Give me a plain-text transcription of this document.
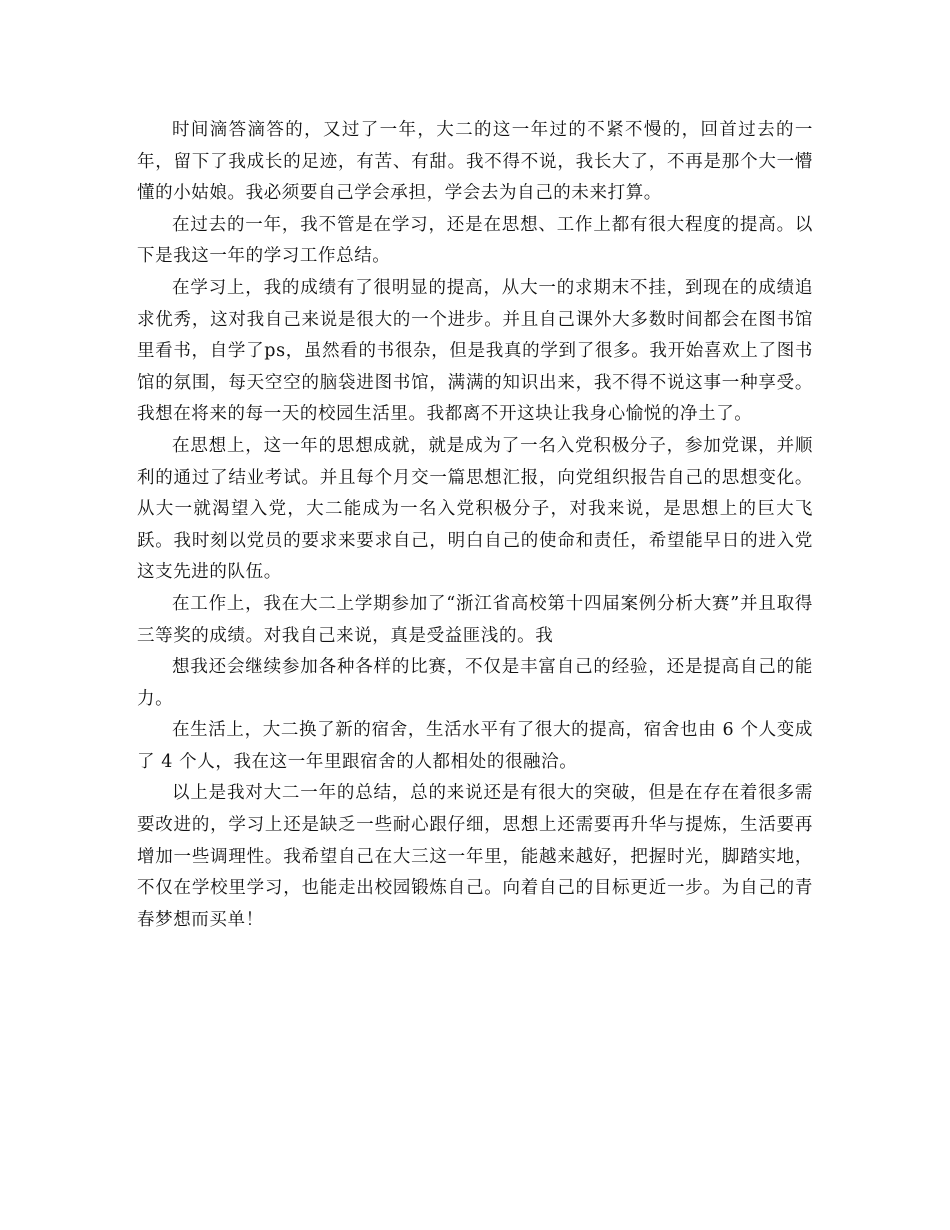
时间滴答滴答的，又过了一年，大二的这一年过的不紧不慢的，回首过去的一年，留下了我成长的足迹，有苦、有甜。我不得不说，我长大了，不再是那个大一懵懂的小姑娘。我必须要自己学会承担，学会去为自己的未来打算。

在过去的一年，我不管是在学习，还是在思想、工作上都有很大程度的提高。以下是我这一年的学习工作总结。

在学习上，我的成绩有了很明显的提高，从大一的求期末不挂，到现在的成绩追求优秀，这对我自己来说是很大的一个进步。并且自己课外大多数时间都会在图书馆里看书，自学了ps，虽然看的书很杂，但是我真的学到了很多。我开始喜欢上了图书馆的氛围，每天空空的脑袋进图书馆，满满的知识出来，我不得不说这事一种享受。我想在将来的每一天的校园生活里。我都离不开这块让我身心愉悦的净土了。

在思想上，这一年的思想成就，就是成为了一名入党积极分子，参加党课，并顺利的通过了结业考试。并且每个月交一篇思想汇报，向党组织报告自己的思想变化。从大一就渴望入党，大二能成为一名入党积极分子，对我来说，是思想上的巨大飞跃。我时刻以党员的要求来要求自己，明白自己的使命和责任，希望能早日的进入党这支先进的队伍。

在工作上，我在大二上学期参加了“浙江省高校第十四届案例分析大赛”并且取得三等奖的成绩。对我自己来说，真是受益匪浅的。我

想我还会继续参加各种各样的比赛，不仅是丰富自己的经验，还是提高自己的能力。

在生活上，大二换了新的宿舍，生活水平有了很大的提高，宿舍也由 6 个人变成了 4 个人，我在这一年里跟宿舍的人都相处的很融洽。

以上是我对大二一年的总结，总的来说还是有很大的突破，但是在存在着很多需要改进的，学习上还是缺乏一些耐心跟仔细，思想上还需要再升华与提炼，生活要再增加一些调理性。我希望自己在大三这一年里，能越来越好，把握时光，脚踏实地，不仅在学校里学习，也能走出校园锻炼自己。向着自己的目标更近一步。为自己的青春梦想而买单！
